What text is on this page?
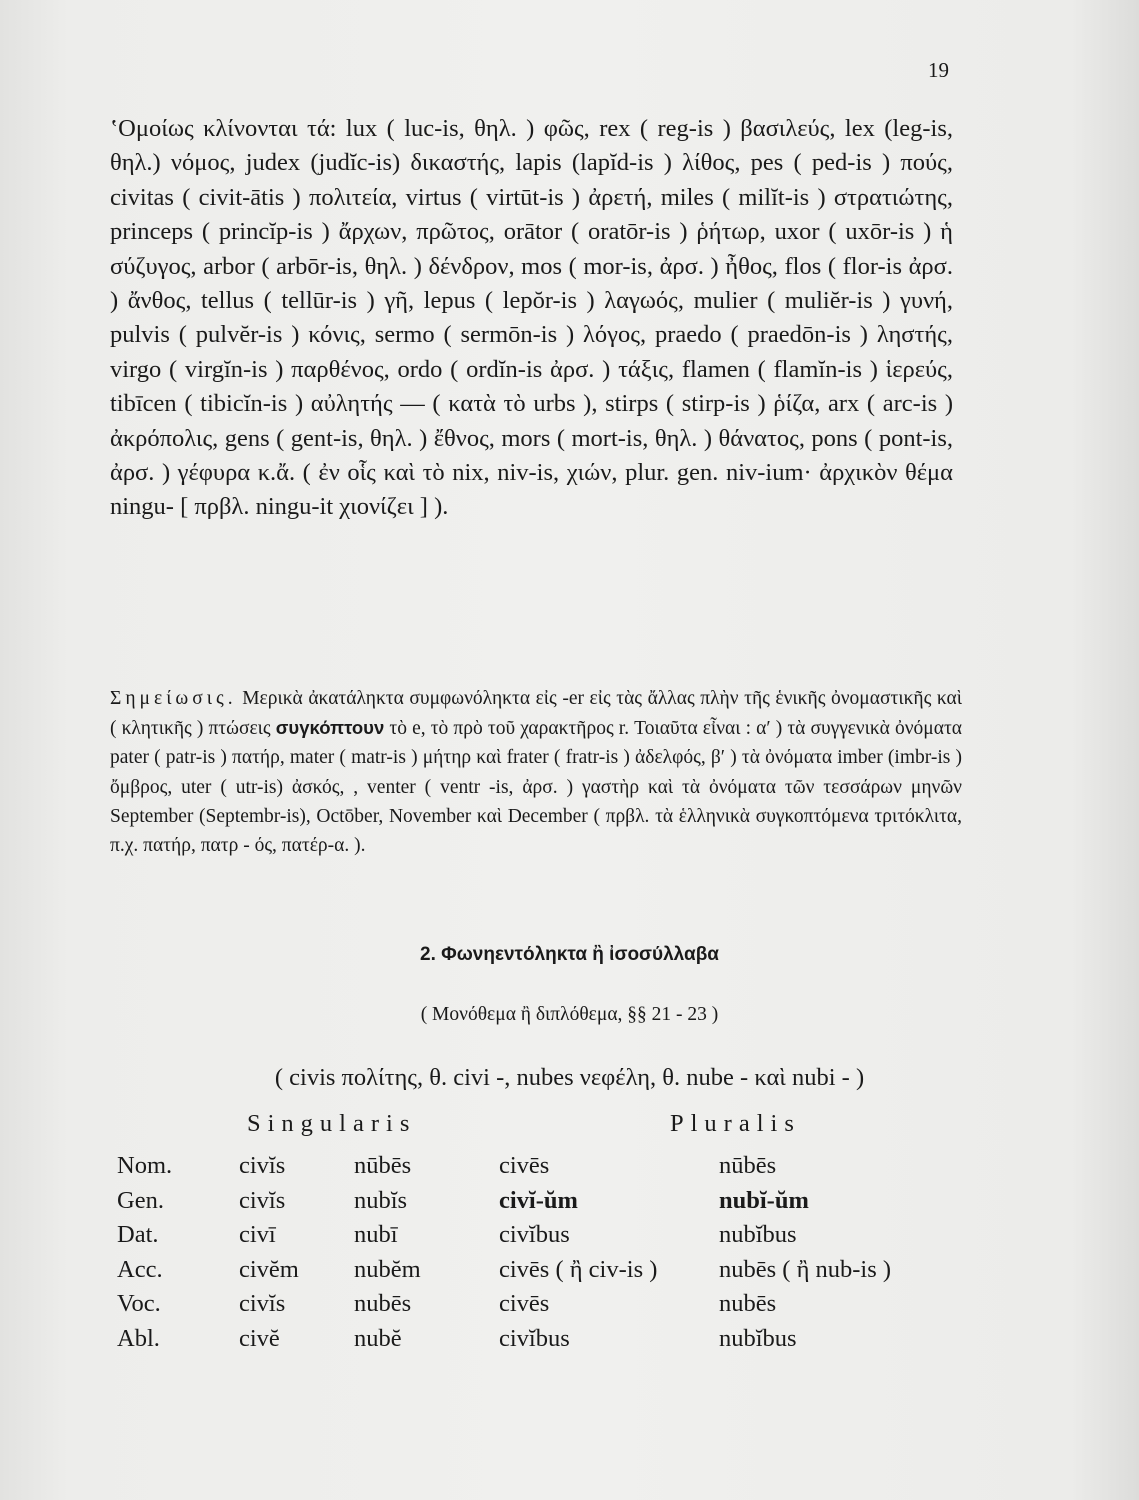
19

ʽΟμοίως κλίνονται τά: lux ( luc-is, θηλ. ) φῶς, rex ( reg-is ) βασιλεύς, lex (leg-is, θηλ.) νόμος, judex (judĭc-is) δικαστής, lapis (lapĭd-is ) λίθος, pes ( ped-is ) πούς, civitas ( civit-ātis ) πολιτεία, virtus ( virtūt-is ) ἀρετή, miles ( milĭt-is ) στρατιώτης, princeps ( princĭp-is ) ἄρχων, πρῶτος, orātor ( oratōr-is ) ῥήτωρ, uxor ( uxōr-is ) ἡ σύζυγος, arbor ( arbōr-is, θηλ. ) δένδρον, mos ( mor-is, ἀρσ. ) ἦθος, flos ( flor-is ἀρσ. ) ἄνθος, tellus ( tellūr-is ) γῆ, lepus ( lepŏr-is ) λαγωός, mulier ( muliĕr-is ) γυνή, pulvis ( pulvĕr-is ) κόνις, sermo ( sermōn-is ) λόγος, praedo ( praedōn-is ) ληστής, virgo ( virgĭn-is ) παρθένος, ordo ( ordĭn-is ἀρσ. ) τάξις, flamen ( flamĭn-is ) ἱερεύς, tibīcen ( tibicĭn-is ) αὐλητής — ( κατὰ τὸ urbs ), stirps ( stirp-is ) ῥίζα, arx ( arc-is ) ἀκρόπολις, gens ( gent-is, θηλ. ) ἔθνος, mors ( mort-is, θηλ. ) θάνατος, pons ( pont-is, ἀρσ. ) γέφυρα κ.ἄ. ( ἐν οἷς καὶ τὸ nix, niv-is, χιών, plur. gen. niv-ium· ἀρχικὸν θέμα ningu- [ πρβλ. ningu-it χιονίζει ] ).

Σημείωσις. Μερικὰ ἀκατάληκτα συμφωνόληκτα εἰς -er εἰς τὰς ἄλλας πλὴν τῆς ἑνικῆς ὀνομαστικῆς καὶ ( κλητικῆς ) πτώσεις συγκόπτουν τὸ e, τὸ πρὸ τοῦ χαρακτῆρος r. Τοιαῦτα εἶναι : α′ ) τὰ συγγενικὰ ὀνόματα pater ( patr-is ) πατήρ, mater ( matr-is ) μήτηρ καὶ frater ( fratr-is ) ἀδελφός, β′ ) τὰ ὀνόματα imber (imbr-is ) ὄμβρος, uter ( utr-is) ἀσκός, , venter ( ventr -is, ἀρσ. ) γαστὴρ καὶ τὰ ὀνόματα τῶν τεσσάρων μηνῶν September (Septembr-is), Octōber, November καὶ December ( πρβλ. τὰ ἑλληνικὰ συγκοπτόμενα τριτόκλιτα, π.χ. πατήρ, πατρ - ός, πατέρ-α. ).

2. Φωνηεντόληκτα ἢ ἰσοσύλλαβα

( Μονόθεμα ἢ διπλόθεμα, §§ 21 - 23 )

( civis πολίτης, θ. civi -, nubes νεφέλη, θ. nube - καὶ nubi - )

Singularis	Pluralis
Nom.	civĭs	nūbēs	civēs	nūbēs
Gen.	civĭs	nubĭs	civĭ-ŭm	nubĭ-ŭm
Dat.	civī	nubī	civĭbus	nubĭbus
Acc.	civĕm	nubĕm	civēs ( ἢ civ-is )	nubēs ( ἢ nub-is )
Voc.	civĭs	nubēs	civēs	nubēs
Abl.	civĕ	nubĕ	civĭbus	nubĭbus
